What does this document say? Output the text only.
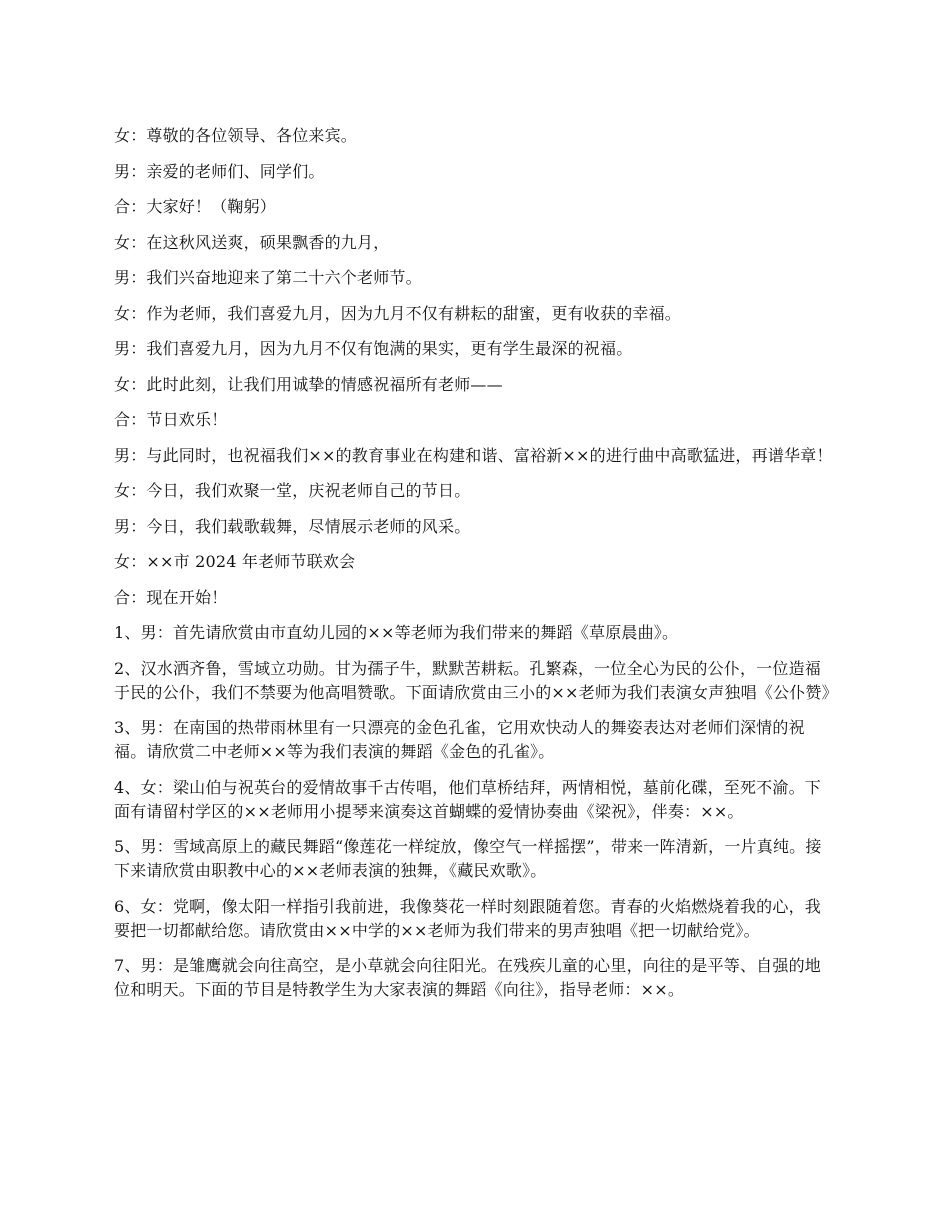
女：尊敬的各位领导、各位来宾。

男：亲爱的老师们、同学们。

合：大家好！（鞠躬）

女：在这秋风送爽，硕果飘香的九月，

男：我们兴奋地迎来了第二十六个老师节。

女：作为老师，我们喜爱九月，因为九月不仅有耕耘的甜蜜，更有收获的幸福。

男：我们喜爱九月，因为九月不仅有饱满的果实，更有学生最深的祝福。

女：此时此刻，让我们用诚挚的情感祝福所有老师——

合：节日欢乐！

男：与此同时，也祝福我们××的教育事业在构建和谐、富裕新××的进行曲中高歌猛进，再谱华章！

女：今日，我们欢聚一堂，庆祝老师自己的节日。

男：今日，我们载歌载舞，尽情展示老师的风采。

女：××市 2024 年老师节联欢会

合：现在开始！

1、男：首先请欣赏由市直幼儿园的××等老师为我们带来的舞蹈《草原晨曲》。

2、汉水洒齐鲁，雪域立功勋。甘为孺子牛，默默苦耕耘。孔繁森，一位全心为民的公仆，一位造福于民的公仆，我们不禁要为他高唱赞歌。下面请欣赏由三小的××老师为我们表演女声独唱《公仆赞》

3、男：在南国的热带雨林里有一只漂亮的金色孔雀，它用欢快动人的舞姿表达对老师们深情的祝福。请欣赏二中老师××等为我们表演的舞蹈《金色的孔雀》。

4、女：梁山伯与祝英台的爱情故事千古传唱，他们草桥结拜，两情相悦，墓前化碟，至死不渝。下面有请留村学区的××老师用小提琴来演奏这首蝴蝶的爱情协奏曲《梁祝》，伴奏：××。

5、男：雪域高原上的藏民舞蹈“像莲花一样绽放，像空气一样摇摆”，带来一阵清新，一片真纯。接下来请欣赏由职教中心的××老师表演的独舞，《藏民欢歌》。

6、女：党啊，像太阳一样指引我前进，我像葵花一样时刻跟随着您。青春的火焰燃烧着我的心，我要把一切都献给您。请欣赏由××中学的××老师为我们带来的男声独唱《把一切献给党》。

7、男：是雏鹰就会向往高空，是小草就会向往阳光。在残疾儿童的心里，向往的是平等、自强的地位和明天。下面的节目是特教学生为大家表演的舞蹈《向往》，指导老师：××。
